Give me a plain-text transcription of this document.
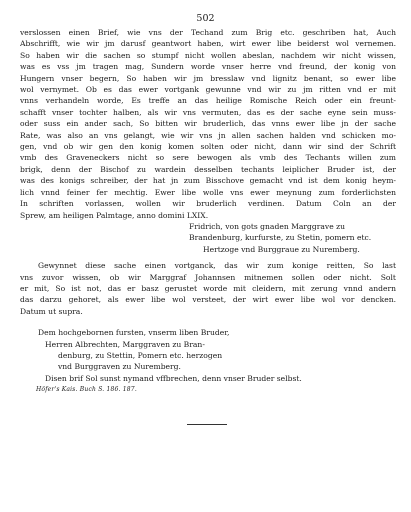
502
verslossen einen Brief, wie vns der Techand zum Brig etc. geschriben hat, Auch
Abschrifft, wie wir jm darusf geantwort haben, wirt ewer libe beiderst wol vernemen.
So haben wir die sachen so stumpf nicht wollen abeslan, nachdem wir nicht wissen,
was es vss jm tragen mag, Sundern worde vnser herre vnd freund, der konig von
Hungern vnser begern, So haben wir jm bresslaw vnd lignitz benant, so ewer libe
wol vernymet. Ob es das ewer vortgank gewunne vnd wir zu jm ritten vnd er mit
vnns verhandeln worde, Es treffe an das heilige Romische Reich oder ein freunt-
schafft vnser tochter halben, als wir vns vermuten, das es der sache eyne sein muss-
oder suss ein ander sach, So bitten wir bruderlich, das vnns ewer libe jn der sache
Rate, was also an vns gelangt, wie wir vns jn allen sachen halden vnd schicken mo-
gen, vnd ob wir gen den konig komen solten oder nicht, dann wir sind der Schrift
vmb des Graveneckers nicht so sere bewogen als vmb des Techants willen zum
brigk, denn der Bischof zu wardein desselben techants leiplicher Bruder ist, der
was des konigs schreiber, der hat jn zum Bisschove gemacht vnd ist dem konig heym-
lich vnnd feiner fer mechtig. Ewer libe wolle vns ewer meynung zum forderlichsten
In schriften vorlassen, wollen wir bruderlich verdinen. Datum Coln an der
Sprew, am heiligen Palmtage, anno domini LXIX.
Fridrich, von gots gnaden Marggrave zu
Brandenburg, kurfurste, zu Stetin, pomern etc.
Hertzoge vnd Burggraue zu Nuremberg.
Gewynnet diese sache einen vortganck, das wir zum konige reitten, So last
vns zuvor wissen, ob wir Marggraf Johannsen mitnemen sollen oder nicht. Solt
er mit, So ist not, das er basz gerustet worde mit cleidern, mit zerung vnnd andern
das darzu gehoret, als ewer libe wol versteet, der wirt ewer libe wol vor dencken.
Datum ut supra.
Dem hochgebornen fursten, vnserm liben Bruder,
Herren Albrechten, Marggraven zu Bran-
denburg, zu Stettin, Pomern etc. herzogen
vnd Burggraven zu Nuremberg.
Disen brif Sol sunst nymand vffbrechen, denn vnser Bruder selbst.
Höfer's Kais. Buch S. 186. 187.
